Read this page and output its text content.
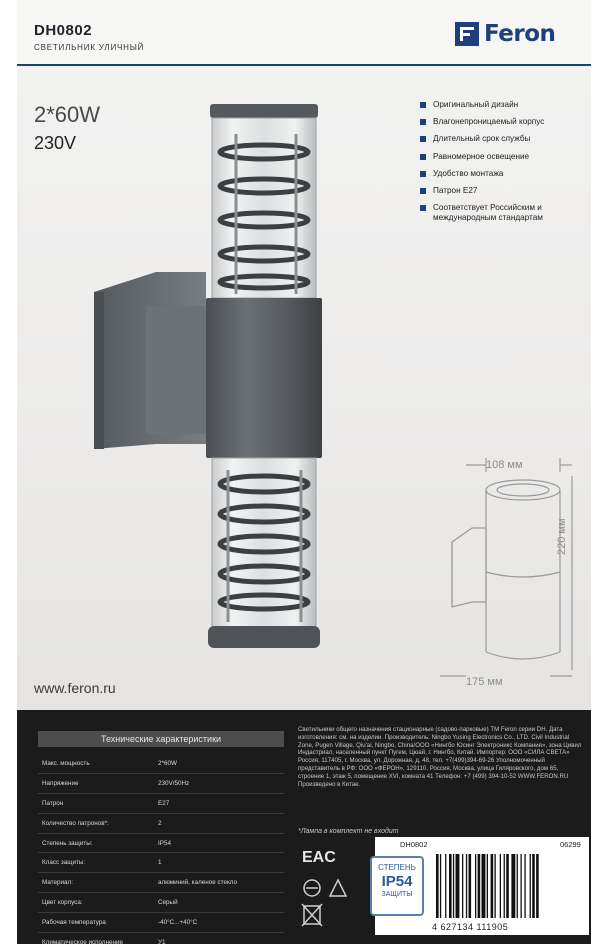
DH0802
СВЕТИЛЬНИК УЛИЧНЫЙ
Feron
2*60W
230V
Оригинальный дизайн
Влагонепроницаемый корпус
Длительный срок службы
Равномерное освещение
Удобство монтажа
Патрон E27
Соответствует Российским и международным стандартам
108 мм
220 мм
175 мм
www.feron.ru
Технические характеристики
Макс. мощность	2*60W
Напряжение	230V/50Hz
Патрон	E27
Количество патронов*:	2
Степень защиты:	IP54
Класс защиты:	1
Материал:	алюминий, каленое стекло
Цвет корпуса:	Серый
Рабочая температура	-40°C...+40°C
Климатическое исполнение	У1
Светильники общего назначения стационарные (садово-парковые) ТМ Feron серии DH. Дата изготовления: см. на изделии. Производитель: Ningbo Yusing Electronics Co., LTD. Civil Industrial Zone, Pugen Village, Qiu'ai, Ningbo, China/ООО «Нингбо Юсинг Электроникс Компания», зона Цивил Индастриал, населенный пункт Пугем, Цюай, г. Нингбо, Китай. Импортер: ООО «СИЛА СВЕТА» Россия, 117405, г. Москва, ул. Дорожная, д. 48, тел. +7(499)394-69-26 Уполномоченный представитель в РФ: ООО «ФЕРОН», 129110, Россия, Москва, улица Гиляровского, дом 65, строение 1, этаж 5, помещение XVI, комната 41 Телефон: +7 (499) 394-10-52 WWW.FERON.RU Произведено в Китае.
*Лампа в комплект не входит
DH0802	06299
EAC
СТЕПЕНЬ
IP54
ЗАЩИТЫ
4 627134 111905
